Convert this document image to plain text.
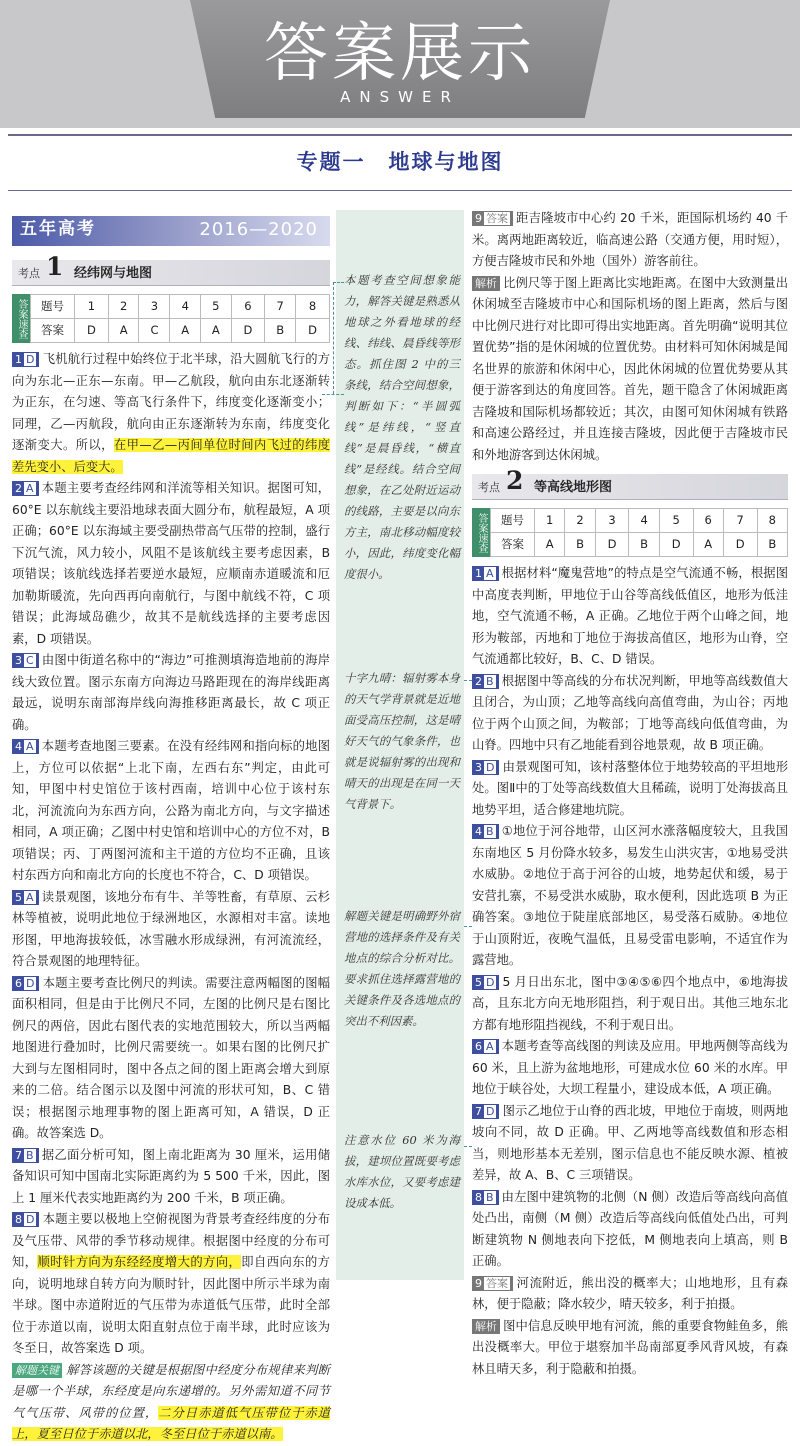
答案展示
ANSWER
专题一　地球与地图
本题考查空间想象能力，解答关键是熟悉从地球之外看地球的经线、纬线、晨昏线等形态。抓住图 2 中的三条线，结合空间想象，判断如下：“半圆弧线”是纬线，“竖直线”是晨昏线，“横直线”是经线。结合空间想象，在乙处附近运动的线路，主要是以向东方主，南北移动幅度较小，因此，纬度变化幅度很小。
十字九晴：辐射雾本身的天气学背景就是近地面受高压控制，这是晴好天气的气象条件，也就是说辐射雾的出现和晴天的出现是在同一天气背景下。
解题关键是明确野外宿营地的选择条件及有关地点的综合分析对比。要求抓住选择露营地的关键条件及各选地点的突出不利因素。
注意水位 60 米为海拔，建坝位置既要考虑水库水位，又要考虑建设成本低。
五年高考	2016—2020
考点 1 经纬网与地图
答案速查 题号	1	2	3	4	5	6	7	8
答案	D	A	C	A	A	D	B	D

1 D 飞机航行过程中始终位于北半球，沿大圆航飞行的方向为东北—正东—东南。甲—乙航段，航向由东北逐渐转为正东，在匀速、等高飞行条件下，纬度变化逐渐变小；同理，乙—丙航段，航向由正东逐渐转为东南，纬度变化逐渐变大。所以，在甲—乙—丙间单位时间内飞过的纬度差先变小、后变大。

2 A 本题主要考查经纬网和洋流等相关知识。据图可知，60°E 以东航线主要沿地球表面大圆分布，航程最短，A 项正确；60°E 以东海域主要受副热带高气压带的控制，盛行下沉气流，风力较小，风阻不是该航线主要考虑因素，B 项错误；该航线选择若要逆水最短，应顺南赤道暖流和厄加勒斯暖流，先向西再向南航行，与图中航线不符，C 项错误；此海域岛礁少，故其不是航线选择的主要考虑因素，D 项错误。

3 C 由图中街道名称中的“海边”可推测填海造地前的海岸线大致位置。图示东南方向海边马路距现在的海岸线距离最远，说明东南部海岸线向海推移距离最长，故 C 项正确。

4 A 本题考查地图三要素。在没有经纬网和指向标的地图上，方位可以依据“上北下南，左西右东”判定，由此可知，甲图中村史馆位于该村西南，培训中心位于该村东北，河流流向为东西方向，公路为南北方向，与文字描述相同，A 项正确；乙图中村史馆和培训中心的方位不对，B 项错误；丙、丁两图河流和主干道的方位均不正确，且该村东西方向和南北方向的长度也不符合，C、D 项错误。

5 A 读景观图，该地分布有牛、羊等牲畜，有草原、云杉林等植被，说明此地位于绿洲地区，水源相对丰富。读地形图，甲地海拔较低，冰雪融水形成绿洲，有河流流经，符合景观图的地理特征。

6 D 本题主要考查比例尺的判读。需要注意两幅图的图幅面积相同，但是由于比例尺不同，左图的比例尺是右图比例尺的两倍，因此右图代表的实地范围较大，所以当两幅地图进行叠加时，比例尺需要统一。如果右图的比例尺扩大到与左图相同时，图中各点之间的图上距离会增大到原来的二倍。结合图示以及图中河流的形状可知，B、C 错误；根据图示地理事物的图上距离可知，A 错误，D 正确。故答案选 D。

7 B 据乙面分析可知，图上南北距离为 30 厘米，运用储备知识可知中国南北实际距离约为 5 500 千米，因此，图上 1 厘米代表实地距离约为 200 千米，B 项正确。

8 D 本题主要以极地上空俯视图为背景考查经纬度的分布及气压带、风带的季节移动规律。根据图中经度的分布可知，顺时针方向为东经经度增大的方向，即自西向东的方向，说明地球自转方向为顺时针，因此图中所示半球为南半球。图中赤道附近的气压带为赤道低气压带，此时全部位于赤道以南，说明太阳直射点位于南半球，此时应该为冬至日，故答案选 D 项。

解题关键 解答该题的关键是根据图中经度分布规律来判断是哪一个半球，东经度是向东递增的。另外需知道不同节气气压带、风带的位置，二分日赤道低气压带位于赤道上，夏至日位于赤道以北，冬至日位于赤道以南。

9 答案 距吉隆坡市中心约 20 千米，距国际机场约 40 千米。离两地距离较近，临高速公路（交通方便，用时短），方便吉隆坡市民和外地（国外）游客前往。

解析 比例尺等于图上距离比实地距离。在图中大致测量出休闲城至吉隆坡市中心和国际机场的图上距离，然后与图中比例尺进行对比即可得出实地距离。首先明确“说明其位置优势”指的是休闲城的位置优势。由材料可知休闲城是闻名世界的旅游和休闲中心，因此休闲城的位置优势要从其便于游客到达的角度回答。首先，题干隐含了休闲城距离吉隆坡和国际机场都较近；其次，由图可知休闲城有铁路和高速公路经过，并且连接吉隆坡，因此便于吉隆坡市民和外地游客到达休闲城。

考点 2 等高线地形图
答案速查 题号	1	2	3	4	5	6	7	8
答案	A	B	D	B	D	A	D	B

1 A 根据材料“魔鬼营地”的特点是空气流通不畅，根据图中高度表判断，甲地位于山谷等高线低值区，地形为低洼地，空气流通不畅，A 正确。乙地位于两个山峰之间，地形为鞍部，丙地和丁地位于海拔高值区，地形为山脊，空气流通都比较好，B、C、D 错误。

2 B 根据图中等高线的分布状况判断，甲地等高线数值大且闭合，为山顶；乙地等高线向高值弯曲，为山谷；丙地位于两个山顶之间，为鞍部；丁地等高线向低值弯曲，为山脊。四地中只有乙地能看到谷地景观，故 B 项正确。

3 D 由景观图可知，该村落整体位于地势较高的平坦地形处。图Ⅱ中的丁处等高线数值大且稀疏，说明丁处海拔高且地势平坦，适合修建地坑院。

4 B ①地位于河谷地带，山区河水涨落幅度较大，且我国东南地区 5 月份降水较多，易发生山洪灾害，①地易受洪水威胁。②地位于高于河谷的山坡，地势起伏和缓，易于安营扎寨，不易受洪水威胁，取水便利，因此选项 B 为正确答案。③地位于陡崖底部地区，易受落石威胁。④地位于山顶附近，夜晚气温低，且易受雷电影响，不适宜作为露营地。

5 D 5 月日出东北，图中③④⑤⑥四个地点中，⑥地海拔高，且东北方向无地形阻挡，利于观日出。其他三地东北方都有地形阻挡视线，不利于观日出。

6 A 本题考查等高线图的判读及应用。甲地两侧等高线为 60 米，且上游为盆地地形，可建成水位 60 米的水库。甲地位于峡谷处，大坝工程量小，建设成本低，A 项正确。

7 D 图示乙地位于山脊的西北坡，甲地位于南坡，则两地坡向不同，故 D 正确。甲、乙两地等高线数值和形态相当，则地形基本无差别，图示信息也不能反映水源、植被差异，故 A、B、C 三项错误。

8 B 由左图中建筑物的北侧（N 侧）改造后等高线向高值处凸出，南侧（M 侧）改造后等高线向低值处凸出，可判断建筑物 N 侧地表向下挖低，M 侧地表向上填高，则 B 正确。

9 答案 河流附近，熊出没的概率大；山地地形，且有森林，便于隐蔽；降水较少，晴天较多，利于拍摄。

解析 图中信息反映甲地有河流，熊的重要食物鲑鱼多，熊出没概率大。甲位于堪察加半岛南部夏季风背风坡，有森林且晴天多，利于隐蔽和拍摄。
